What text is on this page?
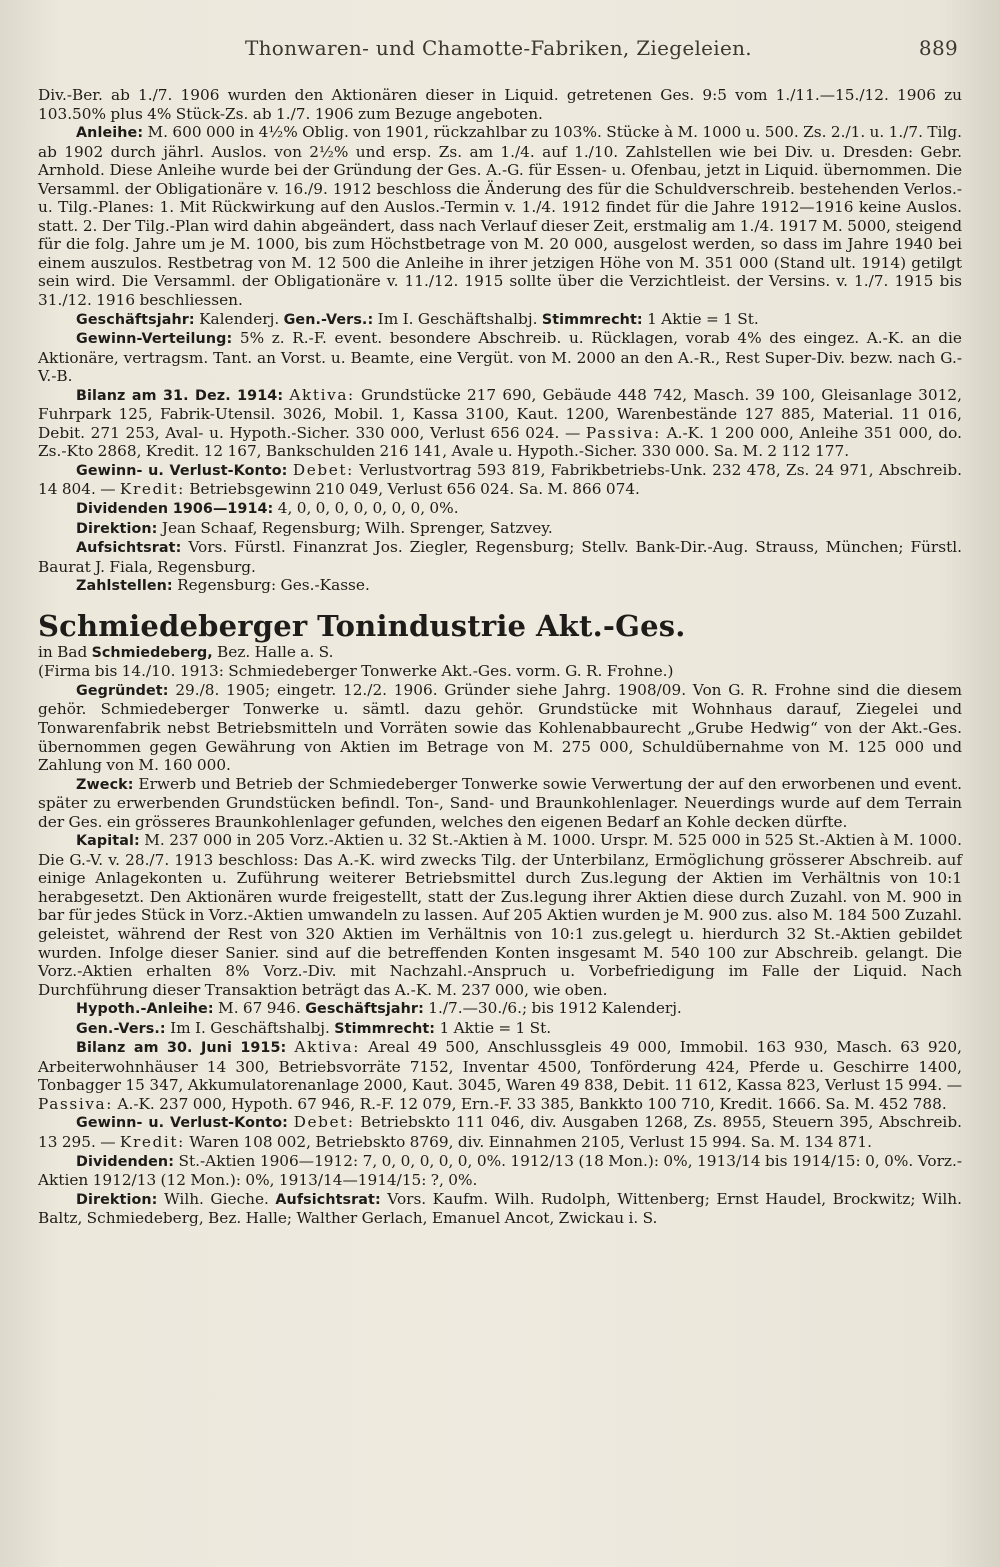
Thonwaren- und Chamotte-Fabriken, Ziegeleien.	889

Div.-Ber. ab 1./7. 1906 wurden den Aktionären dieser in Liquid. getretenen Ges. 9:5 vom 1./11.—15./12. 1906 zu 103.50% plus 4% Stück-Zs. ab 1./7. 1906 zum Bezuge angeboten.

Anleihe: M. 600 000 in 4½% Oblig. von 1901, rückzahlbar zu 103%. Stücke à M. 1000 u. 500. Zs. 2./1. u. 1./7. Tilg. ab 1902 durch jährl. Auslos. von 2½% und ersp. Zs. am 1./4. auf 1./10. Zahlstellen wie bei Div. u. Dresden: Gebr. Arnhold. Diese Anleihe wurde bei der Gründung der Ges. A.-G. für Essen- u. Ofenbau, jetzt in Liquid. übernommen. Die Versamml. der Obligationäre v. 16./9. 1912 beschloss die Änderung des für die Schuldverschreib. bestehenden Verlos.- u. Tilg.-Planes: 1. Mit Rückwirkung auf den Auslos.-Termin v. 1./4. 1912 findet für die Jahre 1912—1916 keine Auslos. statt. 2. Der Tilg.-Plan wird dahin abgeändert, dass nach Verlauf dieser Zeit, erstmalig am 1./4. 1917 M. 5000, steigend für die folg. Jahre um je M. 1000, bis zum Höchstbetrage von M. 20 000, ausgelost werden, so dass im Jahre 1940 bei einem auszulos. Restbetrag von M. 12 500 die Anleihe in ihrer jetzigen Höhe von M. 351 000 (Stand ult. 1914) getilgt sein wird. Die Versamml. der Obligationäre v. 11./12. 1915 sollte über die Verzichtleist. der Versins. v. 1./7. 1915 bis 31./12. 1916 beschliessen.

Geschäftsjahr: Kalenderj. Gen.-Vers.: Im I. Geschäftshalbj. Stimmrecht: 1 Aktie = 1 St.

Gewinn-Verteilung: 5% z. R.-F. event. besondere Abschreib. u. Rücklagen, vorab 4% des eingez. A.-K. an die Aktionäre, vertragsm. Tant. an Vorst. u. Beamte, eine Vergüt. von M. 2000 an den A.-R., Rest Super-Div. bezw. nach G.-V.-B.

Bilanz am 31. Dez. 1914: Aktiva: Grundstücke 217 690, Gebäude 448 742, Masch. 39 100, Gleisanlage 3012, Fuhrpark 125, Fabrik-Utensil. 3026, Mobil. 1, Kassa 3100, Kaut. 1200, Warenbestände 127 885, Material. 11 016, Debit. 271 253, Aval- u. Hypoth.-Sicher. 330 000, Verlust 656 024. — Passiva: A.-K. 1 200 000, Anleihe 351 000, do. Zs.-Kto 2868, Kredit. 12 167, Bankschulden 216 141, Avale u. Hypoth.-Sicher. 330 000. Sa. M. 2 112 177.

Gewinn- u. Verlust-Konto: Debet: Verlustvortrag 593 819, Fabrikbetriebs-Unk. 232 478, Zs. 24 971, Abschreib. 14 804. — Kredit: Betriebsgewinn 210 049, Verlust 656 024. Sa. M. 866 074.

Dividenden 1906—1914: 4, 0, 0, 0, 0, 0, 0, 0, 0%.

Direktion: Jean Schaaf, Regensburg; Wilh. Sprenger, Satzvey.

Aufsichtsrat: Vors. Fürstl. Finanzrat Jos. Ziegler, Regensburg; Stellv. Bank-Dir.-Aug. Strauss, München; Fürstl. Baurat J. Fiala, Regensburg.

Zahlstellen: Regensburg: Ges.-Kasse.

Schmiedeberger Tonindustrie Akt.-Ges.

in Bad Schmiedeberg, Bez. Halle a. S.

(Firma bis 14./10. 1913: Schmiedeberger Tonwerke Akt.-Ges. vorm. G. R. Frohne.)

Gegründet: 29./8. 1905; eingetr. 12./2. 1906. Gründer siehe Jahrg. 1908/09. Von G. R. Frohne sind die diesem gehör. Schmiedeberger Tonwerke u. sämtl. dazu gehör. Grundstücke mit Wohnhaus darauf, Ziegelei und Tonwarenfabrik nebst Betriebsmitteln und Vorräten sowie das Kohlenabbaurecht „Grube Hedwig“ von der Akt.-Ges. übernommen gegen Gewährung von Aktien im Betrage von M. 275 000, Schuldübernahme von M. 125 000 und Zahlung von M. 160 000.

Zweck: Erwerb und Betrieb der Schmiedeberger Tonwerke sowie Verwertung der auf den erworbenen und event. später zu erwerbenden Grundstücken befindl. Ton-, Sand- und Braunkohlenlager. Neuerdings wurde auf dem Terrain der Ges. ein grösseres Braunkohlenlager gefunden, welches den eigenen Bedarf an Kohle decken dürfte.

Kapital: M. 237 000 in 205 Vorz.-Aktien u. 32 St.-Aktien à M. 1000. Urspr. M. 525 000 in 525 St.-Aktien à M. 1000. Die G.-V. v. 28./7. 1913 beschloss: Das A.-K. wird zwecks Tilg. der Unterbilanz, Ermöglichung grösserer Abschreib. auf einige Anlagekonten u. Zuführung weiterer Betriebsmittel durch Zus.legung der Aktien im Verhältnis von 10:1 herabgesetzt. Den Aktionären wurde freigestellt, statt der Zus.legung ihrer Aktien diese durch Zuzahl. von M. 900 in bar für jedes Stück in Vorz.-Aktien umwandeln zu lassen. Auf 205 Aktien wurden je M. 900 zus. also M. 184 500 Zuzahl. geleistet, während der Rest von 320 Aktien im Verhältnis von 10:1 zus.gelegt u. hierdurch 32 St.-Aktien gebildet wurden. Infolge dieser Sanier. sind auf die betreffenden Konten insgesamt M. 540 100 zur Abschreib. gelangt. Die Vorz.-Aktien erhalten 8% Vorz.-Div. mit Nachzahl.-Anspruch u. Vorbefriedigung im Falle der Liquid. Nach Durchführung dieser Transaktion beträgt das A.-K. M. 237 000, wie oben.

Hypoth.-Anleihe: M. 67 946. Geschäftsjahr: 1./7.—30./6.; bis 1912 Kalenderj.

Gen.-Vers.: Im I. Geschäftshalbj. Stimmrecht: 1 Aktie = 1 St.

Bilanz am 30. Juni 1915: Aktiva: Areal 49 500, Anschlussgleis 49 000, Immobil. 163 930, Masch. 63 920, Arbeiterwohnhäuser 14 300, Betriebsvorräte 7152, Inventar 4500, Tonförderung 424, Pferde u. Geschirre 1400, Tonbagger 15 347, Akkumulatorenanlage 2000, Kaut. 3045, Waren 49 838, Debit. 11 612, Kassa 823, Verlust 15 994. — Passiva: A.-K. 237 000, Hypoth. 67 946, R.-F. 12 079, Ern.-F. 33 385, Bankkto 100 710, Kredit. 1666. Sa. M. 452 788.

Gewinn- u. Verlust-Konto: Debet: Betriebskto 111 046, div. Ausgaben 1268, Zs. 8955, Steuern 395, Abschreib. 13 295. — Kredit: Waren 108 002, Betriebskto 8769, div. Einnahmen 2105, Verlust 15 994. Sa. M. 134 871.

Dividenden: St.-Aktien 1906—1912: 7, 0, 0, 0, 0, 0, 0%. 1912/13 (18 Mon.): 0%, 1913/14 bis 1914/15: 0, 0%. Vorz.-Aktien 1912/13 (12 Mon.): 0%, 1913/14—1914/15: ?, 0%.

Direktion: Wilh. Gieche. Aufsichtsrat: Vors. Kaufm. Wilh. Rudolph, Wittenberg; Ernst Haudel, Brockwitz; Wilh. Baltz, Schmiedeberg, Bez. Halle; Walther Gerlach, Emanuel Ancot, Zwickau i. S.
